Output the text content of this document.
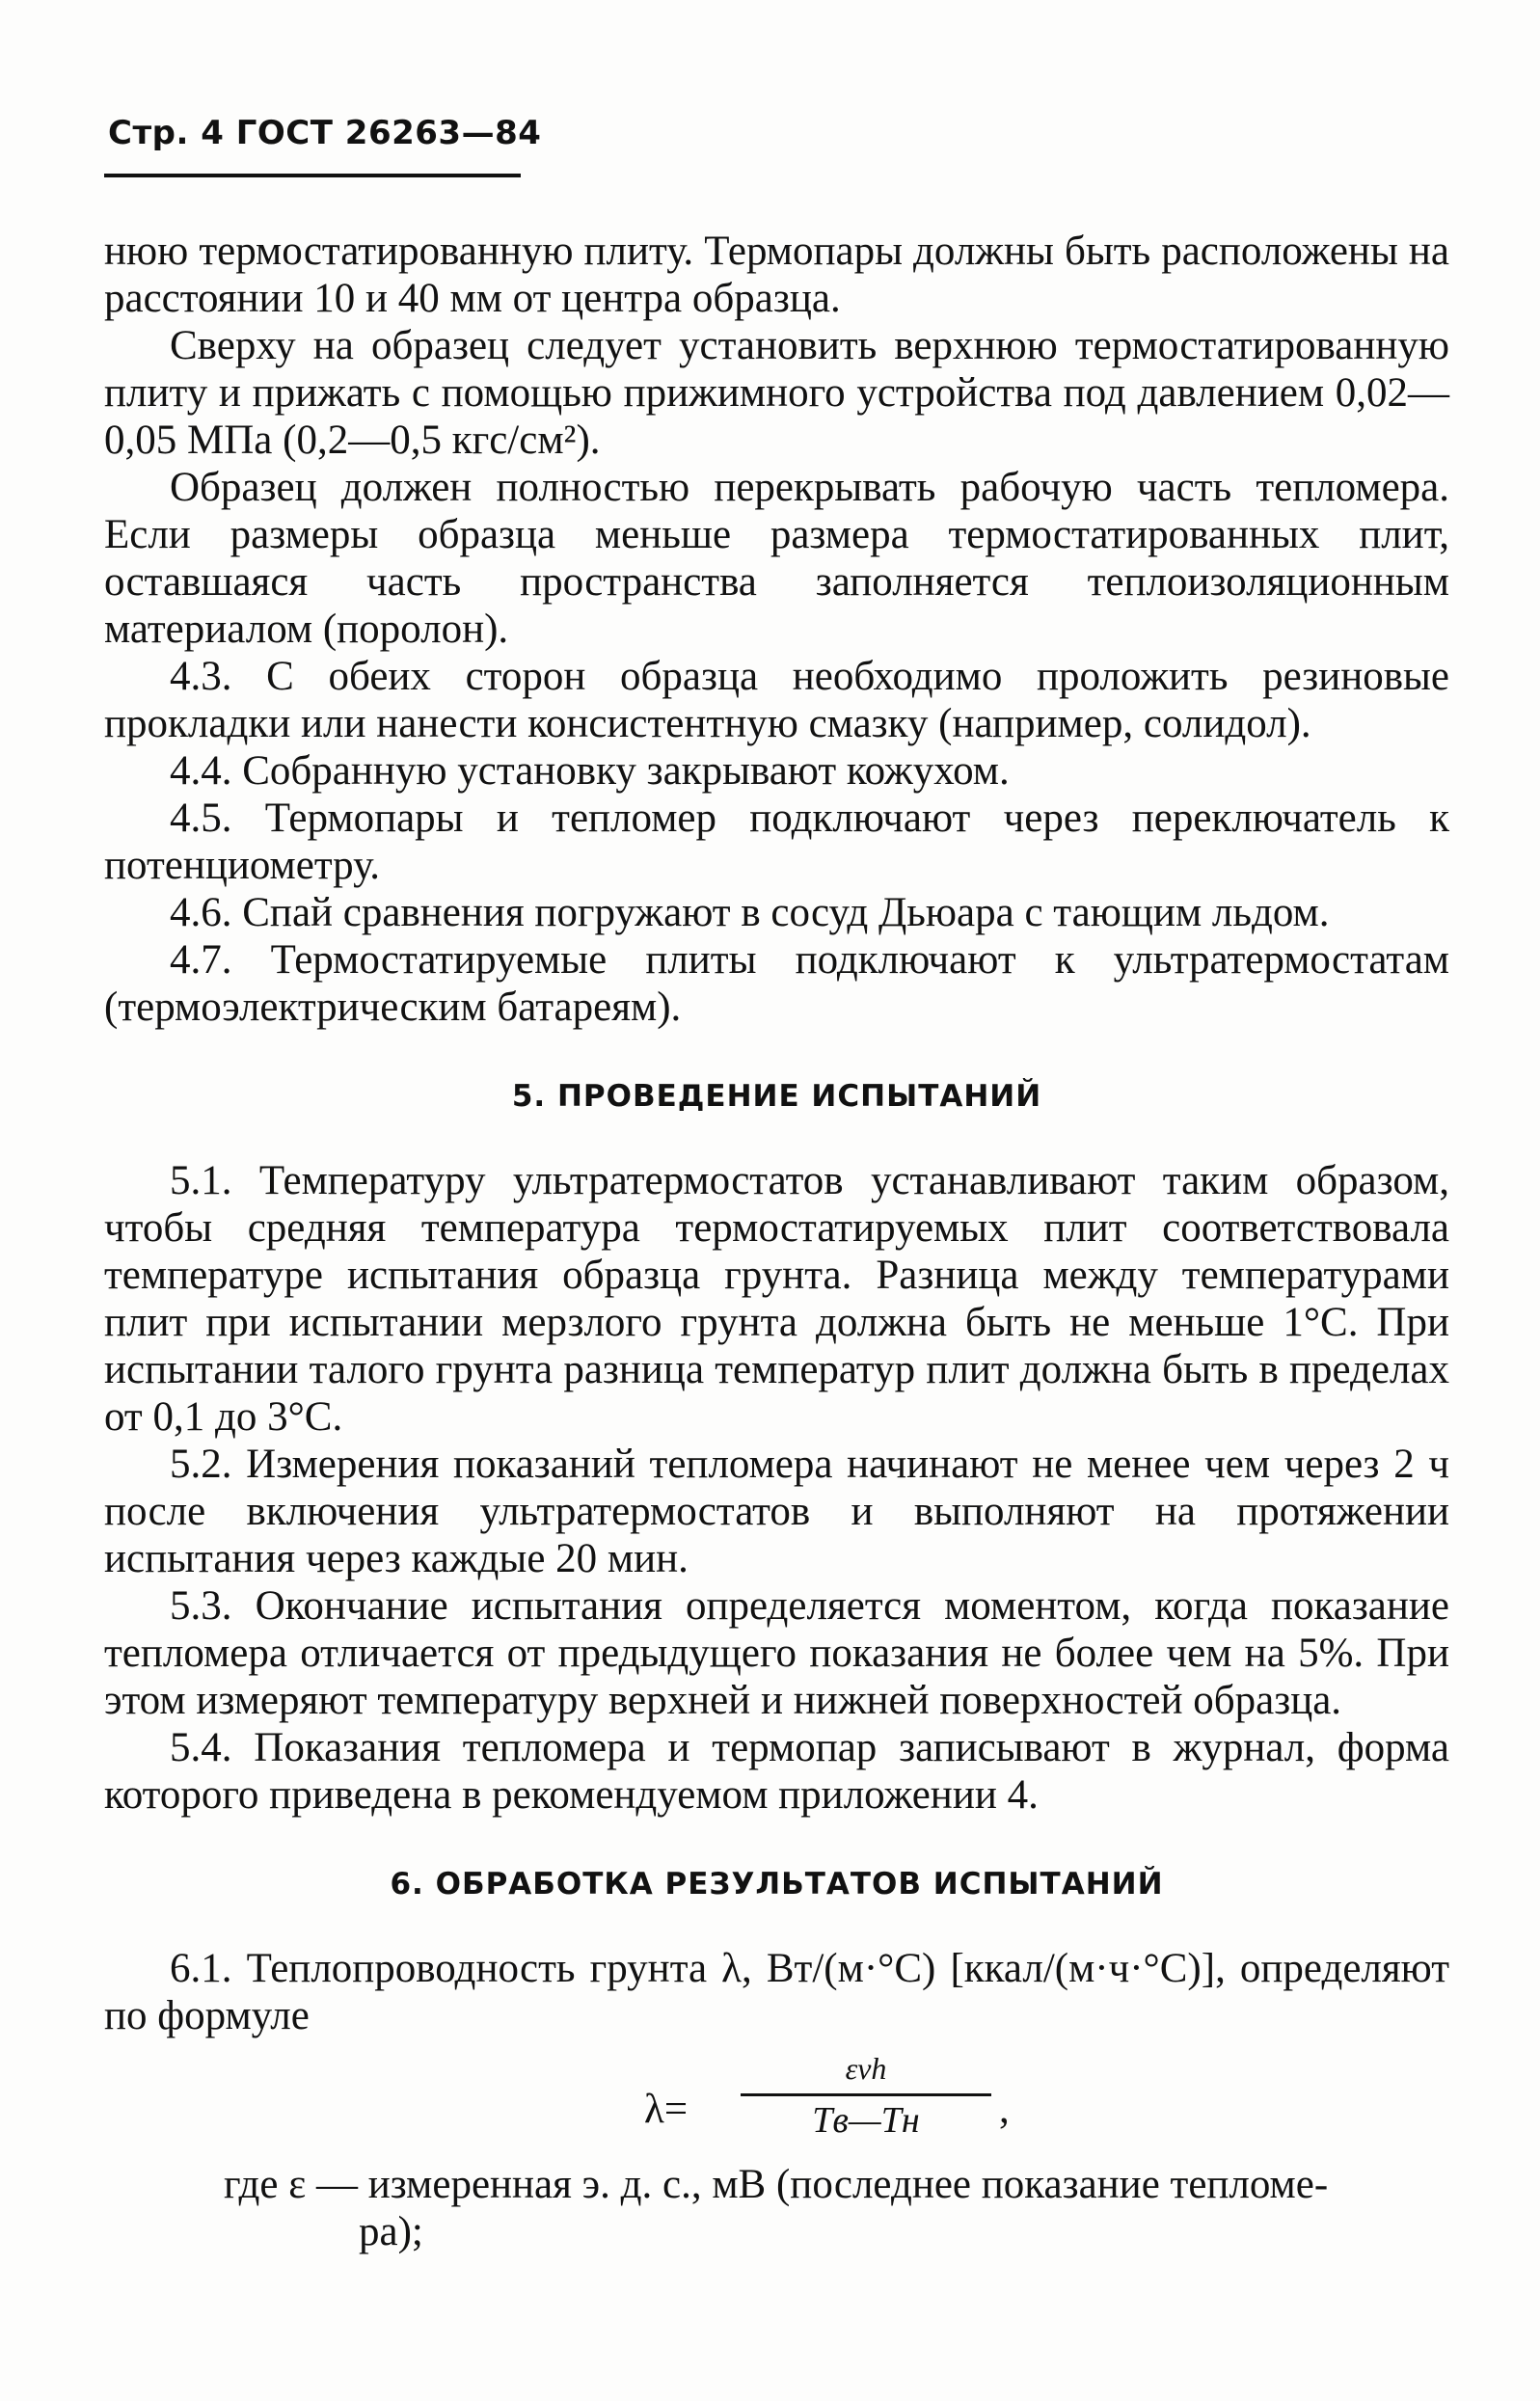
Стр. 4 ГОСТ 26263—84

нюю термостатированную плиту. Термопары должны быть расположены на расстоянии 10 и 40 мм от центра образца.

Сверху на образец следует установить верхнюю термостатированную плиту и прижать с помощью прижимного устройства под давлением 0,02—0,05 МПа (0,2—0,5 кгс/см²).

Образец должен полностью перекрывать рабочую часть тепломера. Если размеры образца меньше размера термостатированных плит, оставшаяся часть пространства заполняется теплоизоляционным материалом (поролон).

4.3. С обеих сторон образца необходимо проложить резиновые прокладки или нанести консистентную смазку (например, солидол).

4.4. Собранную установку закрывают кожухом.

4.5. Термопары и тепломер подключают через переключатель к потенциометру.

4.6. Спай сравнения погружают в сосуд Дьюара с тающим льдом.

4.7. Термостатируемые плиты подключают к ультратермостатам (термоэлектрическим батареям).

5. ПРОВЕДЕНИЕ ИСПЫТАНИЙ

5.1. Температуру ультратермостатов устанавливают таким образом, чтобы средняя температура термостатируемых плит соответствовала температуре испытания образца грунта. Разница между температурами плит при испытании мерзлого грунта должна быть не меньше 1°С. При испытании талого грунта разница температур плит должна быть в пределах от 0,1 до 3°С.

5.2. Измерения показаний тепломера начинают не менее чем через 2 ч после включения ультратермостатов и выполняют на протяжении испытания через каждые 20 мин.

5.3. Окончание испытания определяется моментом, когда показание тепломера отличается от предыдущего показания не более чем на 5%. При этом измеряют температуру верхней и нижней поверхностей образца.

5.4. Показания тепломера и термопар записывают в журнал, форма которого приведена в рекомендуемом приложении 4.

6. ОБРАБОТКА РЕЗУЛЬТАТОВ ИСПЫТАНИЙ

6.1. Теплопроводность грунта λ, Вт/(м·°С) [ккал/(м·ч·°С)], определяют по формуле

λ=
εvh
Tв—Tн	,

где ε — измеренная э. д. с., мВ (последнее показание тепломе-

ра);
